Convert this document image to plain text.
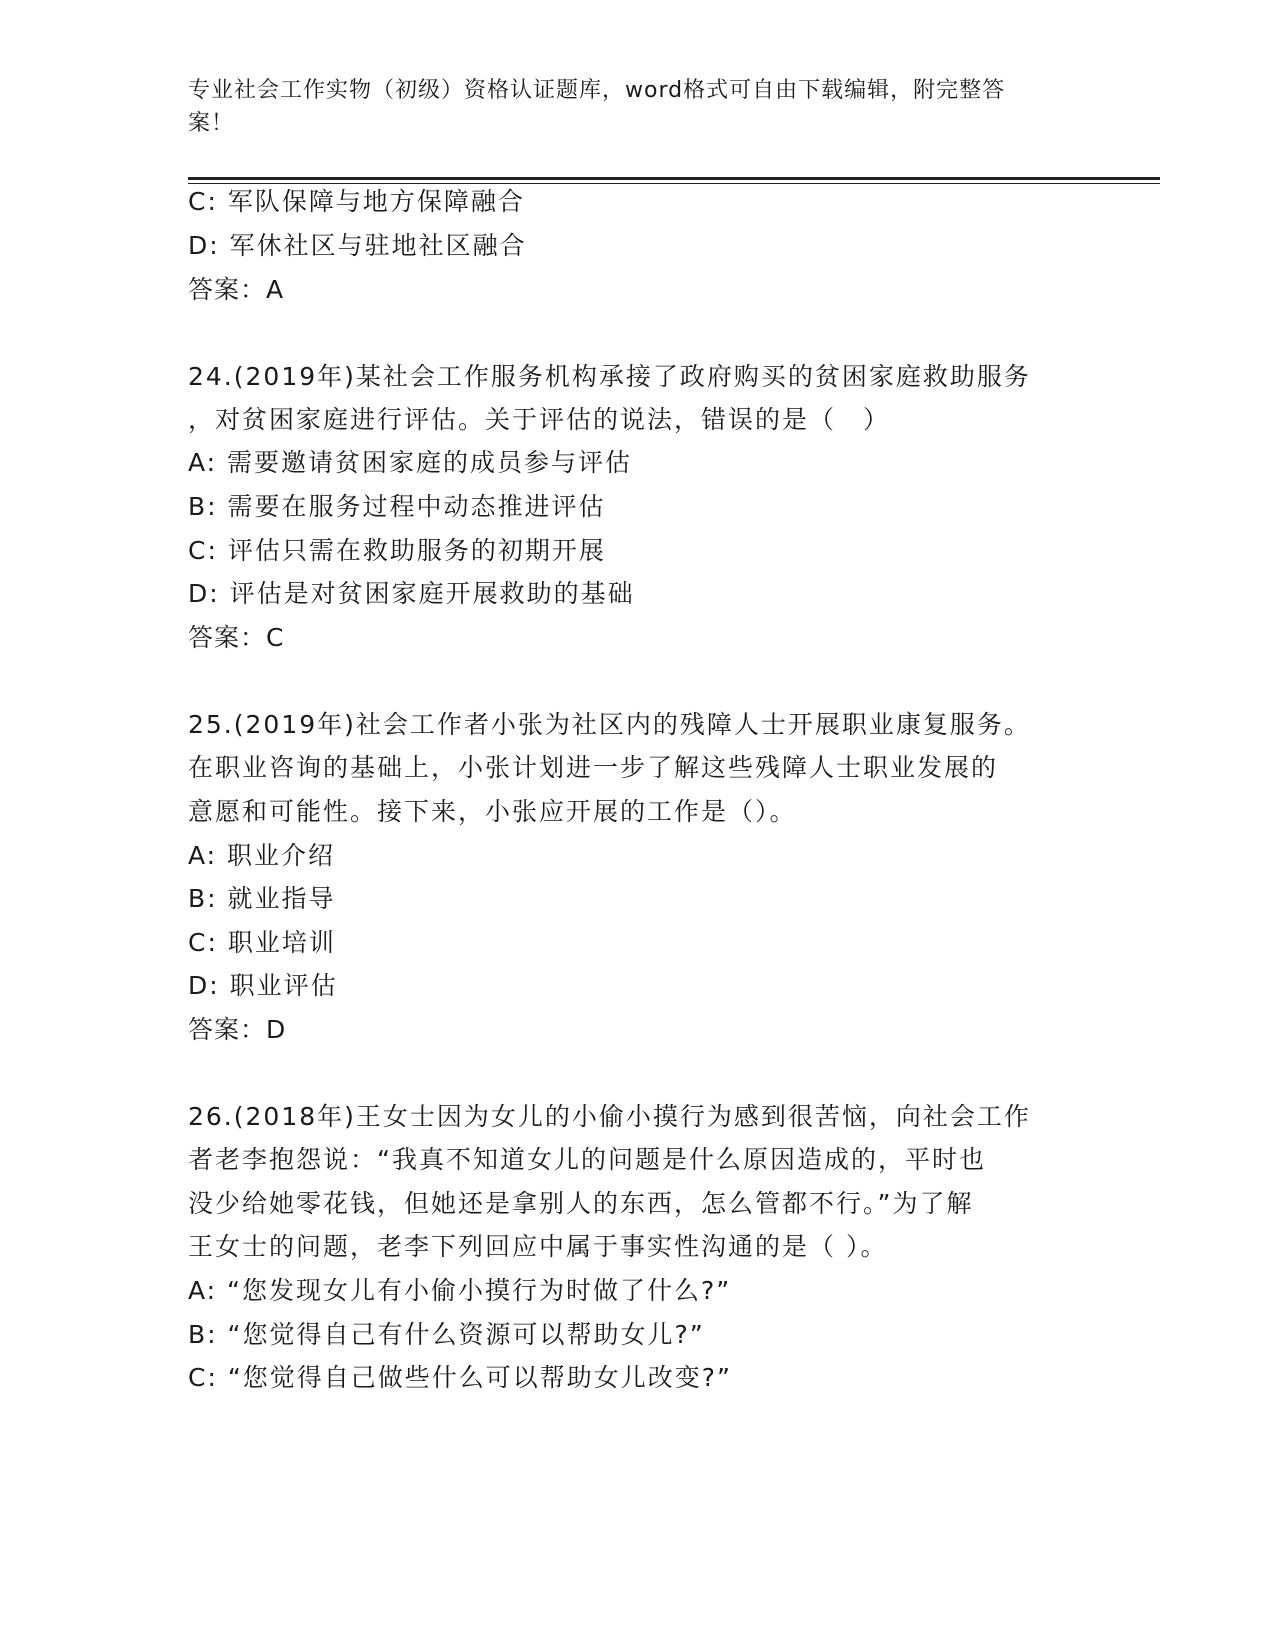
专业社会工作实物（初级）资格认证题库，word格式可自由下载编辑，附完整答
案！
C: 军队保障与地方保障融合
D: 军休社区与驻地社区融合
答案：A
24.(2019年)某社会工作服务机构承接了政府购买的贫困家庭救助服务
，对贫困家庭进行评估。关于评估的说法，错误的是（　）
A: 需要邀请贫困家庭的成员参与评估
B: 需要在服务过程中动态推进评估
C: 评估只需在救助服务的初期开展
D: 评估是对贫困家庭开展救助的基础
答案：C
25.(2019年)社会工作者小张为社区内的残障人士开展职业康复服务。
在职业咨询的基础上，小张计划进一步了解这些残障人士职业发展的
意愿和可能性。接下来，小张应开展的工作是（）。
A: 职业介绍
B: 就业指导
C: 职业培训
D: 职业评估
答案：D
26.(2018年)王女士因为女儿的小偷小摸行为感到很苦恼，向社会工作
者老李抱怨说：“我真不知道女儿的问题是什么原因造成的，平时也
没少给她零花钱，但她还是拿别人的东西，怎么管都不行。”为了解
王女士的问题，老李下列回应中属于事实性沟通的是（ ）。
A: “您发现女儿有小偷小摸行为时做了什么?”
B: “您觉得自己有什么资源可以帮助女儿?”
C: “您觉得自己做些什么可以帮助女儿改变?”
